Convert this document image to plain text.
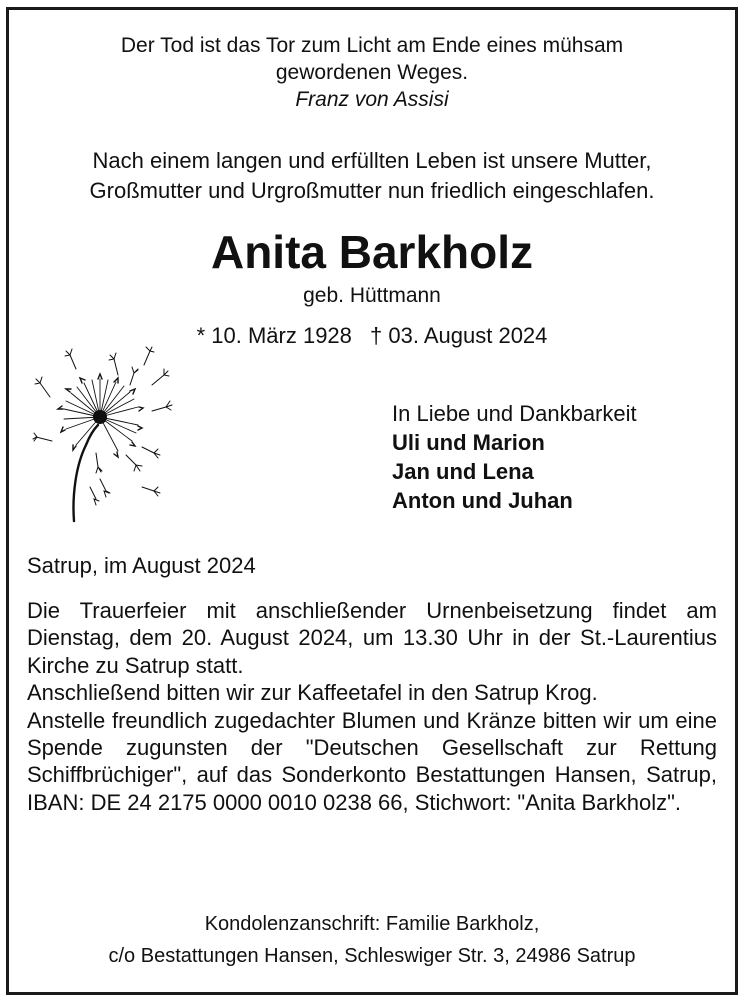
Der Tod ist das Tor zum Licht am Ende eines mühsam
gewordenen Weges.
Franz von Assisi
Nach einem langen und erfüllten Leben ist unsere Mutter,
Großmutter und Urgroßmutter nun friedlich eingeschlafen.
Anita Barkholz
geb. Hüttmann
* 10. März 1928 † 03. August 2024
In Liebe und Dankbarkeit
Uli und Marion
Jan und Lena
Anton und Juhan
Satrup, im August 2024

Die Trauerfeier mit anschließender Urnenbeisetzung findet am Dienstag, dem 20. August 2024, um 13.30 Uhr in der St.-Laurentius Kirche zu Satrup statt.

Anschließend bitten wir zur Kaffeetafel in den Satrup Krog.

Anstelle freundlich zugedachter Blumen und Kränze bitten wir um eine Spende zugunsten der "Deutschen Gesellschaft zur Rettung Schiffbrüchiger", auf das Sonderkonto Bestattungen Hansen, Satrup, IBAN: DE 24 2175 0000 0010 0238 66, Stichwort: "Anita Barkholz".

Kondolenzanschrift: Familie Barkholz,
c/o Bestattungen Hansen, Schleswiger Str. 3, 24986 Satrup
